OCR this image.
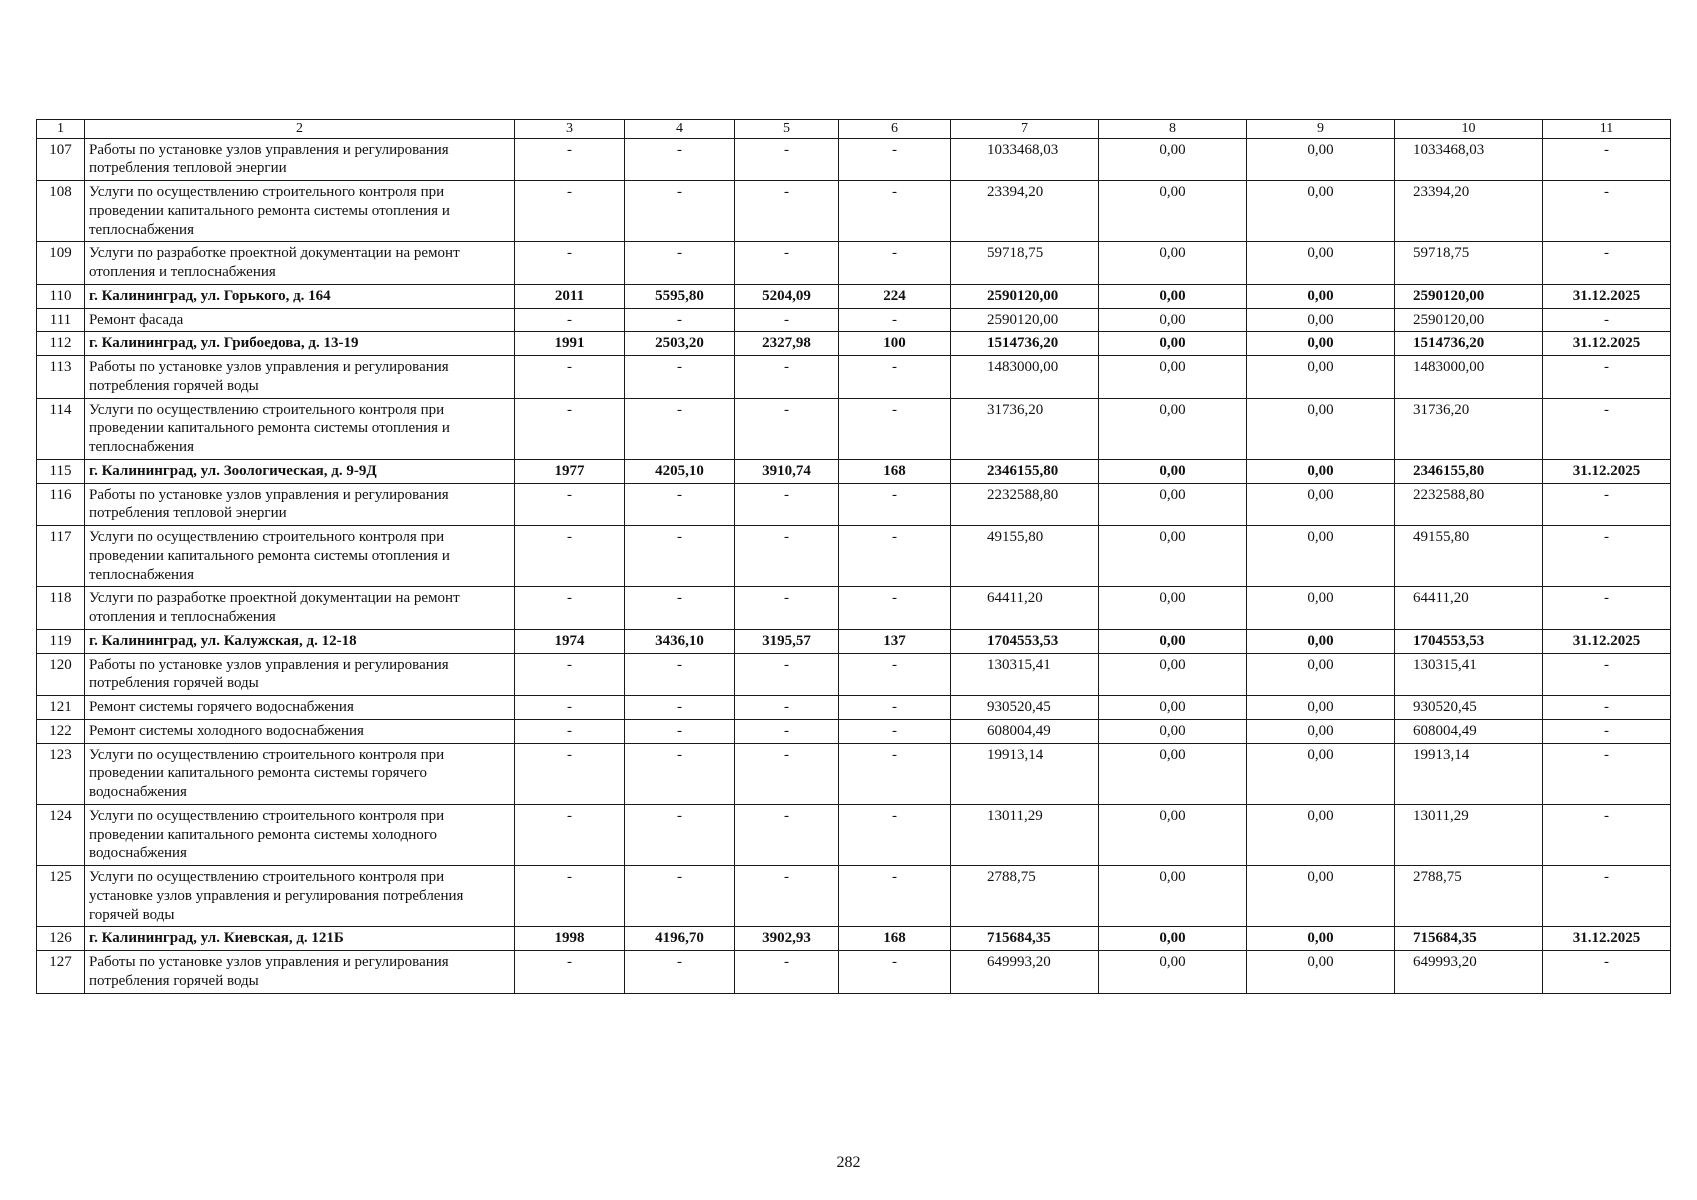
1	2	3	4	5	6	7	8	9	10	11
107	Работы по установке узлов управления и регулирования потребления тепловой энергии	-	-	-	-	1033468,03	0,00	0,00	1033468,03	-
108	Услуги по осуществлению строительного контроля при проведении капитального ремонта системы отопления и теплоснабжения	-	-	-	-	23394,20	0,00	0,00	23394,20	-
109	Услуги по разработке проектной документации на ремонт отопления и теплоснабжения	-	-	-	-	59718,75	0,00	0,00	59718,75	-
110	г. Калининград, ул. Горького, д. 164	2011	5595,80	5204,09	224	2590120,00	0,00	0,00	2590120,00	31.12.2025
111	Ремонт фасада	-	-	-	-	2590120,00	0,00	0,00	2590120,00	-
112	г. Калининград, ул. Грибоедова, д. 13-19	1991	2503,20	2327,98	100	1514736,20	0,00	0,00	1514736,20	31.12.2025
113	Работы по установке узлов управления и регулирования потребления горячей воды	-	-	-	-	1483000,00	0,00	0,00	1483000,00	-
114	Услуги по осуществлению строительного контроля при проведении капитального ремонта системы отопления и теплоснабжения	-	-	-	-	31736,20	0,00	0,00	31736,20	-
115	г. Калининград, ул. Зоологическая, д. 9-9Д	1977	4205,10	3910,74	168	2346155,80	0,00	0,00	2346155,80	31.12.2025
116	Работы по установке узлов управления и регулирования потребления тепловой энергии	-	-	-	-	2232588,80	0,00	0,00	2232588,80	-
117	Услуги по осуществлению строительного контроля при проведении капитального ремонта системы отопления и теплоснабжения	-	-	-	-	49155,80	0,00	0,00	49155,80	-
118	Услуги по разработке проектной документации на ремонт отопления и теплоснабжения	-	-	-	-	64411,20	0,00	0,00	64411,20	-
119	г. Калининград, ул. Калужская, д. 12-18	1974	3436,10	3195,57	137	1704553,53	0,00	0,00	1704553,53	31.12.2025
120	Работы по установке узлов управления и регулирования потребления горячей воды	-	-	-	-	130315,41	0,00	0,00	130315,41	-
121	Ремонт системы горячего водоснабжения	-	-	-	-	930520,45	0,00	0,00	930520,45	-
122	Ремонт системы холодного водоснабжения	-	-	-	-	608004,49	0,00	0,00	608004,49	-
123	Услуги по осуществлению строительного контроля при проведении капитального ремонта системы горячего водоснабжения	-	-	-	-	19913,14	0,00	0,00	19913,14	-
124	Услуги по осуществлению строительного контроля при проведении капитального ремонта системы холодного водоснабжения	-	-	-	-	13011,29	0,00	0,00	13011,29	-
125	Услуги по осуществлению строительного контроля при установке узлов управления и регулирования потребления горячей воды	-	-	-	-	2788,75	0,00	0,00	2788,75	-
126	г. Калининград, ул. Киевская, д. 121Б	1998	4196,70	3902,93	168	715684,35	0,00	0,00	715684,35	31.12.2025
127	Работы по установке узлов управления и регулирования потребления горячей воды	-	-	-	-	649993,20	0,00	0,00	649993,20	-
282
